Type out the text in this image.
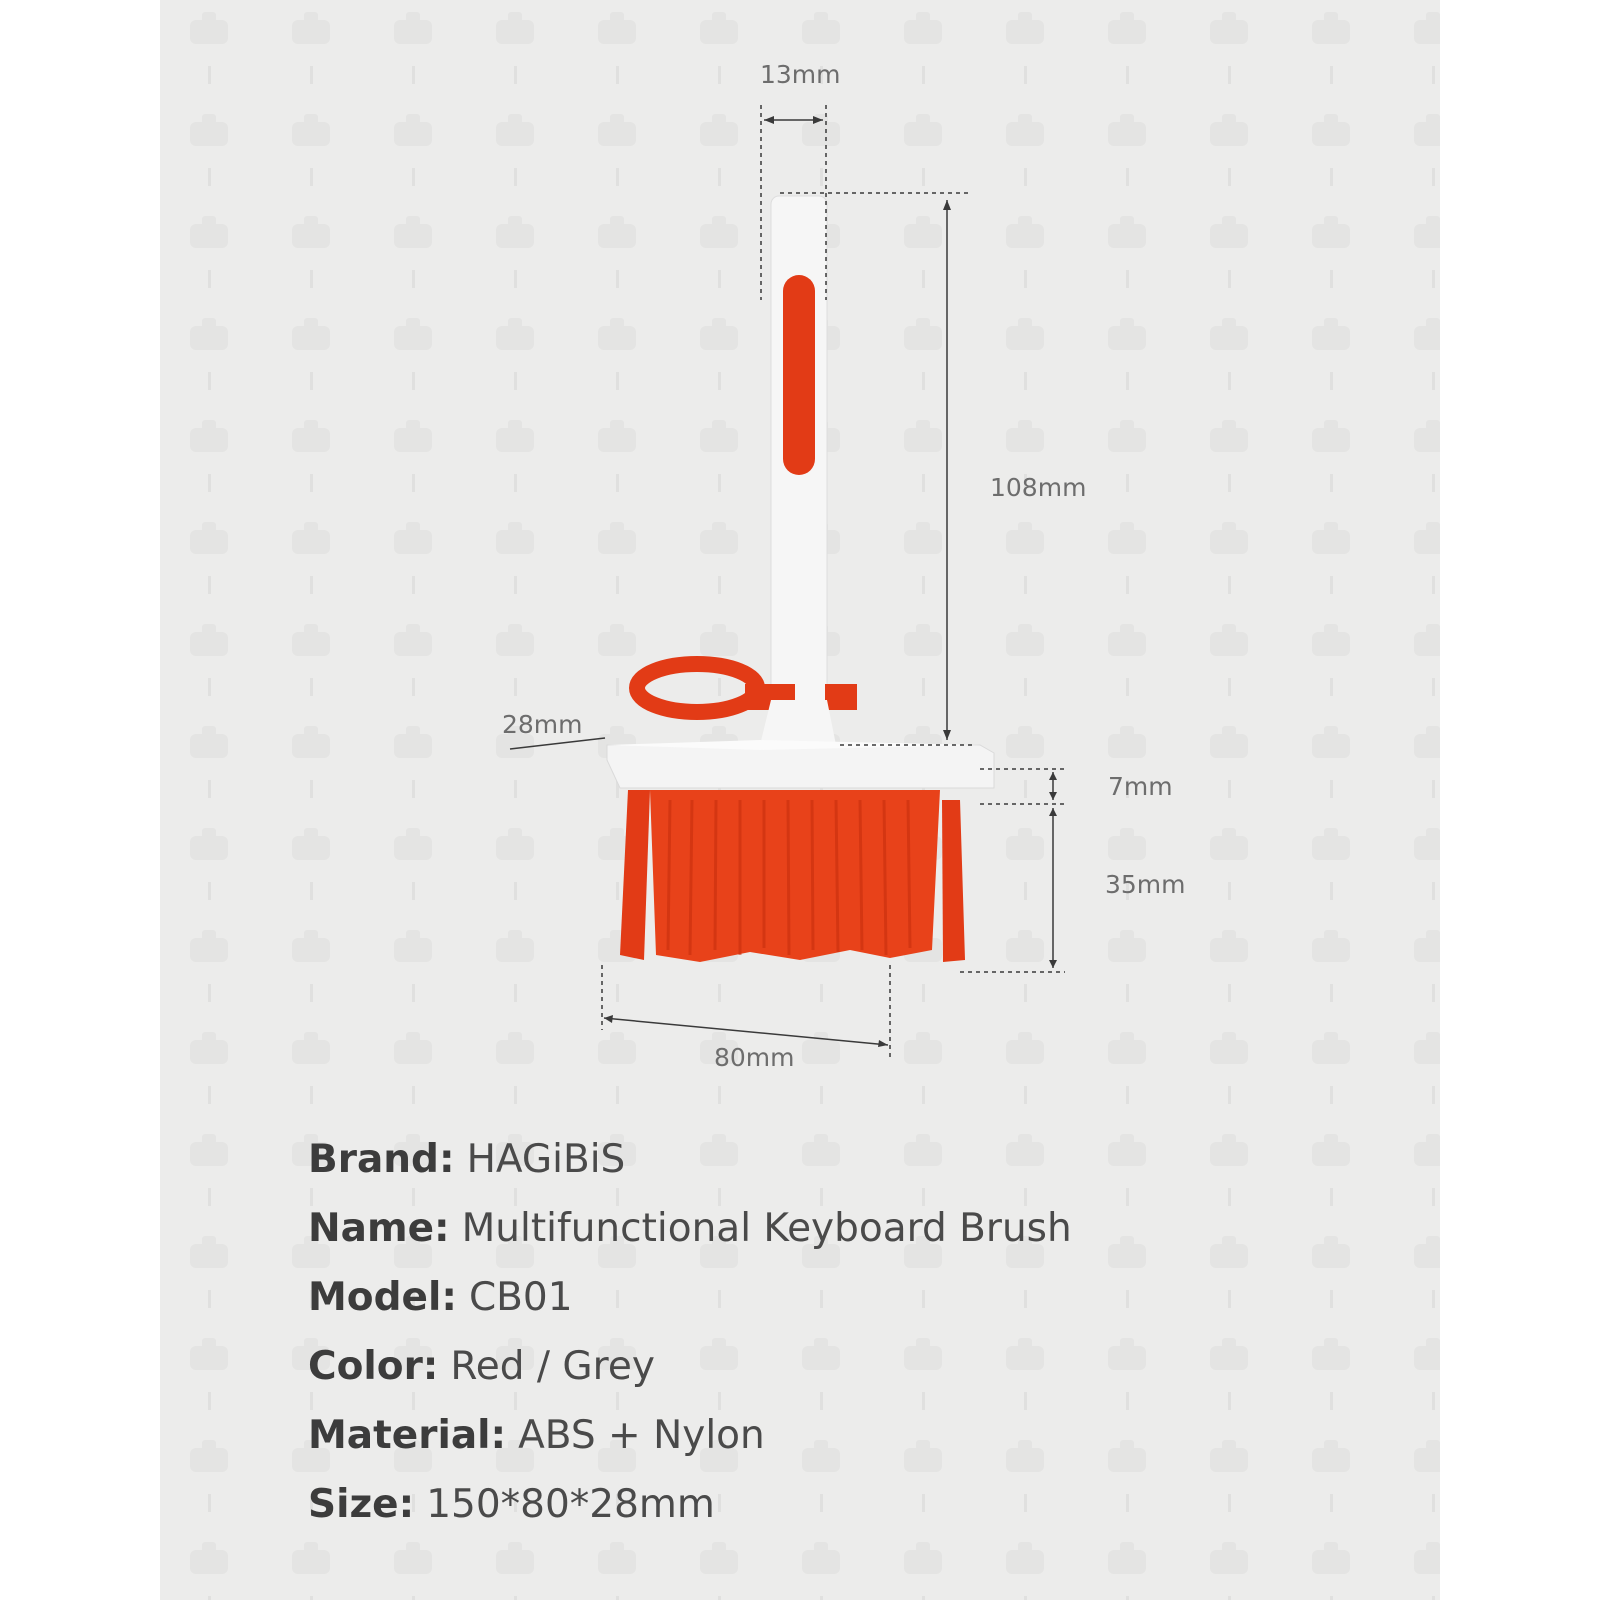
13mm
108mm
28mm
7mm
35mm
80mm
Brand: HAGiBiS
Name: Multifunctional Keyboard Brush
Model: CB01
Color: Red / Grey
Material: ABS + Nylon
Size: 150*80*28mm
